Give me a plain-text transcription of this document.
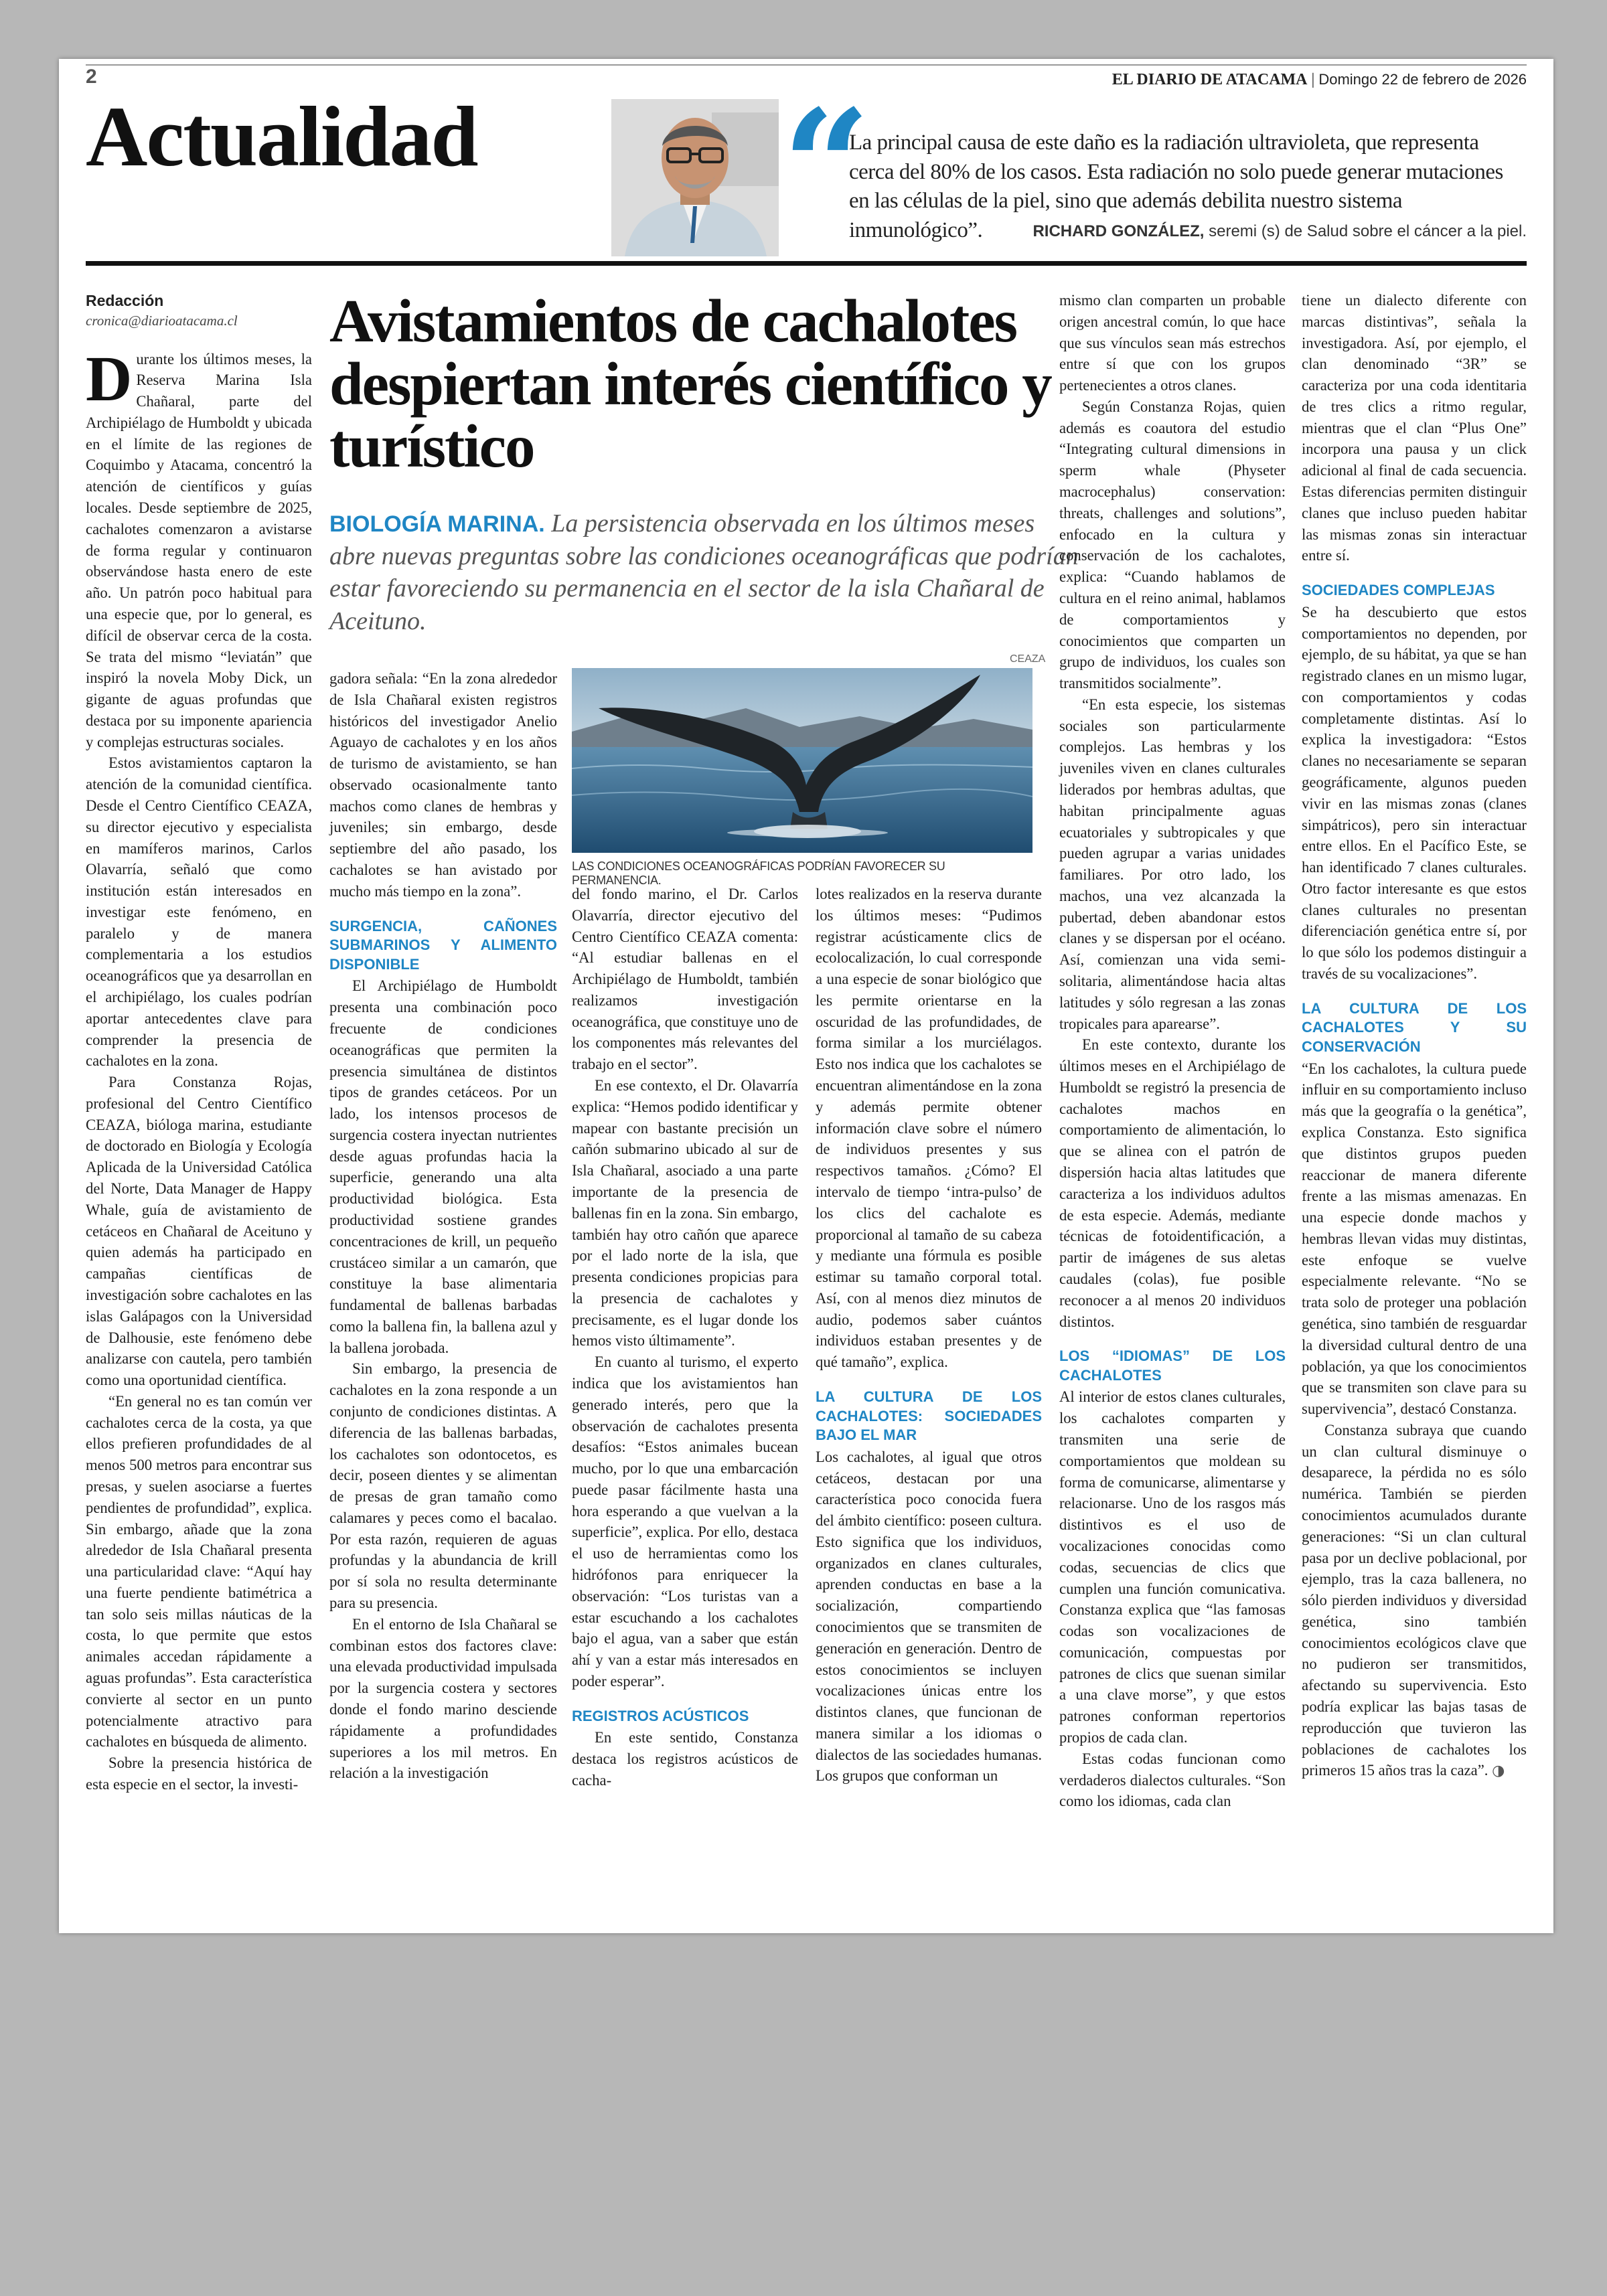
2	EL DIARIO DE ATACAMA | Domingo 22 de febrero de 2026
Actualidad “
La principal causa de este daño es la radiación ultravioleta, que representa cerca del 80% de los casos. Esta radiación no solo puede generar mutaciones en las células de la piel, sino que además debilita nuestro sistema inmunológico”.	RICHARD GONZÁLEZ, seremi (s) de Salud sobre el cáncer a la piel.
Redacción
cronica@diarioatacama.cl

Durante los últimos meses, la Reserva Marina Isla Chañaral, parte del Archipiélago de Humboldt y ubicada en el límite de las regiones de Coquimbo y Atacama, concentró la atención de científicos y guías locales. Desde septiembre de 2025, cachalotes comenzaron a avistarse de forma regular y continuaron observándose hasta enero de este año. Un patrón poco habitual para una especie que, por lo general, es difícil de observar cerca de la costa. Se trata del mismo “leviatán” que inspiró la novela Moby Dick, un gigante de aguas profundas que destaca por su imponente apariencia y complejas estructuras sociales.

Estos avistamientos captaron la atención de la comunidad científica. Desde el Centro Científico CEAZA, su director ejecutivo y especialista en mamíferos marinos, Carlos Olavarría, señaló que como institución están interesados en investigar este fenómeno, en paralelo y de manera complementaria a los estudios oceanográficos que ya desarrollan en el archipiélago, los cuales podrían aportar antecedentes clave para comprender la presencia de cachalotes en la zona.

Para Constanza Rojas, profesional del Centro Científico CEAZA, bióloga marina, estudiante de doctorado en Biología y Ecología Aplicada de la Universidad Católica del Norte, Data Manager de Happy Whale, guía de avistamiento de cetáceos en Chañaral de Aceituno y quien además ha participado en campañas científicas de investigación sobre cachalotes en las islas Galápagos con la Universidad de Dalhousie, este fenómeno debe analizarse con cautela, pero también como una oportunidad científica.

“En general no es tan común ver cachalotes cerca de la costa, ya que ellos prefieren profundidades de al menos 500 metros para encontrar sus presas, y suelen asociarse a fuertes pendientes de profundidad”, explica. Sin embargo, añade que la zona alrededor de Isla Chañaral presenta una particularidad clave: “Aquí hay una fuerte pendiente batimétrica a tan solo seis millas náuticas de la costa, lo que permite que estos animales accedan rápidamente a aguas profundas”. Esta característica convierte al sector en un punto potencialmente atractivo para cachalotes en búsqueda de alimento.

Sobre la presencia histórica de esta especie en el sector, la investi-

Avistamientos de cachalotes despiertan interés científico y turístico
BIOLOGÍA MARINA. La persistencia observada en los últimos meses abre nuevas preguntas sobre las condiciones oceanográficas que podrían estar favoreciendo su permanencia en el sector de la isla Chañaral de Aceituno.

gadora señala: “En la zona alrededor de Isla Chañaral existen registros históricos del investigador Anelio Aguayo de cachalotes y en los años de turismo de avistamiento, se han observado ocasionalmente tanto machos como clanes de hembras y juveniles; sin embargo, desde septiembre del año pasado, los cachalotes se han avistado por mucho más tiempo en la zona”.

SURGENCIA, CAÑONES SUBMARINOS Y ALIMENTO DISPONIBLE

El Archipiélago de Humboldt presenta una combinación poco frecuente de condiciones oceanográficas que permiten la presencia simultánea de distintos tipos de grandes cetáceos. Por un lado, los intensos procesos de surgencia costera inyectan nutrientes desde aguas profundas hacia la superficie, generando una alta productividad biológica. Esta productividad sostiene grandes concentraciones de krill, un pequeño crustáceo similar a un camarón, que constituye la base alimentaria fundamental de ballenas barbadas como la ballena fin, la ballena azul y la ballena jorobada.

Sin embargo, la presencia de cachalotes en la zona responde a un conjunto de condiciones distintas. A diferencia de las ballenas barbadas, los cachalotes son odontocetos, es decir, poseen dientes y se alimentan de presas de gran tamaño como calamares y peces como el bacalao. Por esta razón, requieren de aguas profundas y la abundancia de krill por sí sola no resulta determinante para su presencia.

En el entorno de Isla Chañaral se combinan estos dos factores clave: una elevada productividad impulsada por la surgencia costera y sectores donde el fondo marino desciende rápidamente a profundidades superiores a los mil metros. En relación a la investigación

CEAZA
LAS CONDICIONES OCEANOGRÁFICAS PODRÍAN FAVORECER SU PERMANENCIA.

del fondo marino, el Dr. Carlos Olavarría, director ejecutivo del Centro Científico CEAZA comenta: “Al estudiar ballenas en el Archipiélago de Humboldt, también realizamos investigación oceanográfica, que constituye uno de los componentes más relevantes del trabajo en el sector”.

En ese contexto, el Dr. Olavarría explica: “Hemos podido identificar y mapear con bastante precisión un cañón submarino ubicado al sur de Isla Chañaral, asociado a una parte importante de la presencia de ballenas fin en la zona. Sin embargo, también hay otro cañón que aparece por el lado norte de la isla, que presenta condiciones propicias para la presencia de cachalotes y precisamente, es el lugar donde los hemos visto últimamente”.

En cuanto al turismo, el experto indica que los avistamientos han generado interés, pero que la observación de cachalotes presenta desafíos: “Estos animales bucean mucho, por lo que una embarcación puede pasar fácilmente hasta una hora esperando a que vuelvan a la superficie”, explica. Por ello, destaca el uso de herramientas como los hidrófonos para enriquecer la observación: “Los turistas van a estar escuchando a los cachalotes bajo el agua, van a saber que están ahí y van a estar más interesados en poder esperar”.

REGISTROS ACÚSTICOS

En este sentido, Constanza destaca los registros acústicos de cacha-

lotes realizados en la reserva durante los últimos meses: “Pudimos registrar acústicamente clics de ecolocalización, lo cual corresponde a una especie de sonar biológico que les permite orientarse en la oscuridad de las profundidades, de forma similar a los murciélagos. Esto nos indica que los cachalotes se encuentran alimentándose en la zona y además permite obtener información clave sobre el número de individuos presentes y sus respectivos tamaños. ¿Cómo? El intervalo de tiempo ‘intra-pulso’ de los clics del cachalote es proporcional al tamaño de su cabeza y mediante una fórmula es posible estimar su tamaño corporal total. Así, con al menos diez minutos de audio, podemos saber cuántos individuos estaban presentes y de qué tamaño”, explica.

LA CULTURA DE LOS CACHALOTES: SOCIEDADES BAJO EL MAR

Los cachalotes, al igual que otros cetáceos, destacan por una característica poco conocida fuera del ámbito científico: poseen cultura. Esto significa que los individuos, organizados en clanes culturales, aprenden conductas en base a la socialización, compartiendo conocimientos que se transmiten de generación en generación. Dentro de estos conocimientos se incluyen vocalizaciones únicas entre los distintos clanes, que funcionan de manera similar a los idiomas o dialectos de las sociedades humanas. Los grupos que conforman un

mismo clan comparten un probable origen ancestral común, lo que hace que sus vínculos sean más estrechos entre sí que con los grupos pertenecientes a otros clanes.

Según Constanza Rojas, quien además es coautora del estudio “Integrating cultural dimensions in sperm whale (Physeter macrocephalus) conservation: threats, challenges and solutions”, enfocado en la cultura y conservación de los cachalotes, explica: “Cuando hablamos de cultura en el reino animal, hablamos de comportamientos y conocimientos que comparten un grupo de individuos, los cuales son transmitidos socialmente”.

“En esta especie, los sistemas sociales son particularmente complejos. Las hembras y los juveniles viven en clanes culturales liderados por hembras adultas, que habitan principalmente aguas ecuatoriales y subtropicales y que pueden agrupar a varias unidades familiares. Por otro lado, los machos, una vez alcanzada la pubertad, deben abandonar estos clanes y se dispersan por el océano. Así, comienzan una vida semi-solitaria, alimentándose hacia altas latitudes y sólo regresan a las zonas tropicales para aparearse”.

En este contexto, durante los últimos meses en el Archipiélago de Humboldt se registró la presencia de cachalotes machos en comportamiento de alimentación, lo que se alinea con el patrón de dispersión hacia altas latitudes que caracteriza a los individuos adultos de esta especie. Además, mediante técnicas de fotoidentificación, a partir de imágenes de sus aletas caudales (colas), fue posible reconocer a al menos 20 individuos distintos.

LOS “IDIOMAS” DE LOS CACHALOTES

Al interior de estos clanes culturales, los cachalotes comparten y transmiten una serie de comportamientos que moldean su forma de comunicarse, alimentarse y relacionarse. Uno de los rasgos más distintivos es el uso de vocalizaciones conocidas como codas, secuencias de clics que cumplen una función comunicativa. Constanza explica que “las famosas codas son vocalizaciones de comunicación, compuestas por patrones de clics que suenan similar a una clave morse”, y que estos patrones conforman repertorios propios de cada clan.

Estas codas funcionan como verdaderos dialectos culturales. “Son como los idiomas, cada clan

tiene un dialecto diferente con marcas distintivas”, señala la investigadora. Así, por ejemplo, el clan denominado “3R” se caracteriza por una coda identitaria de tres clics a ritmo regular, mientras que el clan “Plus One” incorpora una pausa y un click adicional al final de cada secuencia. Estas diferencias permiten distinguir clanes que incluso pueden habitar las mismas zonas sin interactuar entre sí.

SOCIEDADES COMPLEJAS

Se ha descubierto que estos comportamientos no dependen, por ejemplo, de su hábitat, ya que se han registrado clanes en un mismo lugar, con comportamientos y codas completamente distintas. Así lo explica la investigadora: “Estos clanes no necesariamente se separan geográficamente, algunos pueden vivir en las mismas zonas (clanes simpátricos), pero sin interactuar entre ellos. En el Pacífico Este, se han identificado 7 clanes culturales. Otro factor interesante es que estos clanes culturales no presentan diferenciación genética entre sí, por lo que sólo los podemos distinguir a través de su vocalizaciones”.

LA CULTURA DE LOS CACHALOTES Y SU CONSERVACIÓN

“En los cachalotes, la cultura puede influir en su comportamiento incluso más que la geografía o la genética”, explica Constanza. Esto significa que distintos grupos pueden reaccionar de manera diferente frente a las mismas amenazas. En una especie donde machos y hembras llevan vidas muy distintas, este enfoque se vuelve especialmente relevante. “No se trata solo de proteger una población genética, sino también de resguardar la diversidad cultural dentro de una población, ya que los conocimientos que se transmiten son clave para su supervivencia”, destacó Constanza.

Constanza subraya que cuando un clan cultural disminuye o desaparece, la pérdida no es sólo numérica. También se pierden conocimientos acumulados durante generaciones: “Si un clan cultural pasa por un declive poblacional, por ejemplo, tras la caza ballenera, no sólo pierden individuos y diversidad genética, sino también conocimientos ecológicos clave que no pudieron ser transmitidos, afectando su supervivencia. Esto podría explicar las bajas tasas de reproducción que tuvieron las poblaciones de cachalotes los primeros 15 años tras la caza”. ◑
